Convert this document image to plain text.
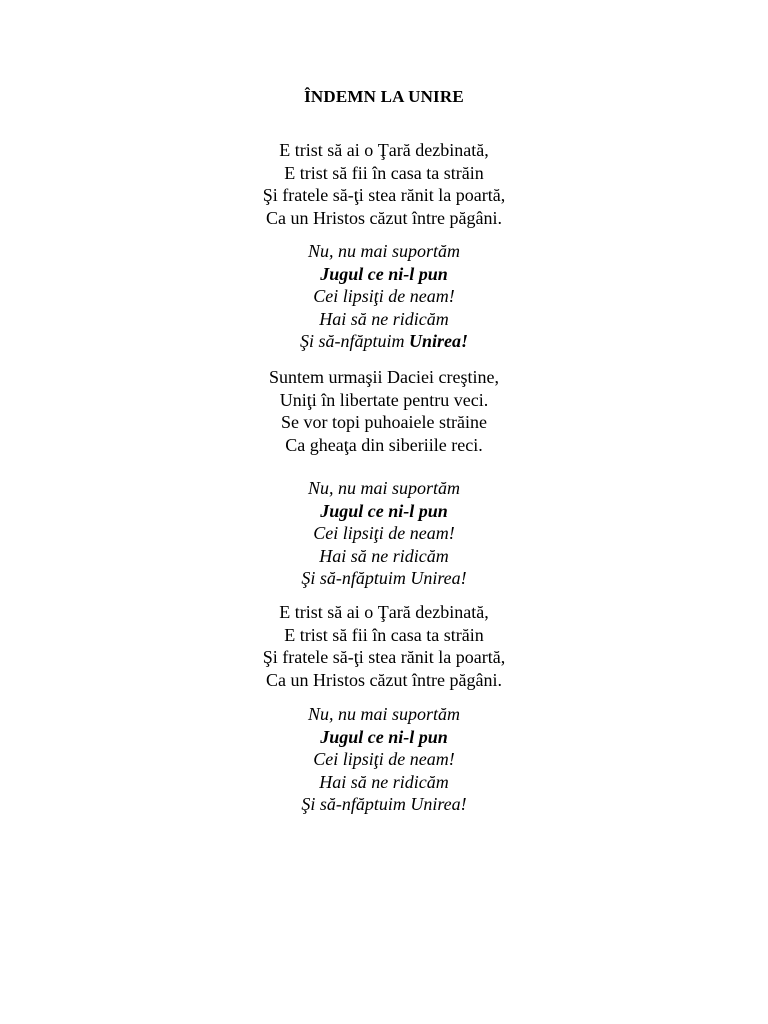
ÎNDEMN LA UNIRE
E trist să ai o Ţară dezbinată,
E trist să fii în casa ta străin
Şi fratele să-ţi stea rănit la poartă,
Ca un Hristos căzut între păgâni.
Nu, nu mai suportăm
Jugul ce ni-l pun
Cei lipsiţi de neam!
Hai să ne ridicăm
Şi să-nfăptuim Unirea!
Suntem urmaşii Daciei creştine,
Uniţi în libertate pentru veci.
Se vor topi puhoaiele străine
Ca gheaţa din siberiile reci.
Nu, nu mai suportăm
Jugul ce ni-l pun
Cei lipsiţi de neam!
Hai să ne ridicăm
Şi să-nfăptuim Unirea!
E trist să ai o Ţară dezbinată,
E trist să fii în casa ta străin
Şi fratele să-ţi stea rănit la poartă,
Ca un Hristos căzut între păgâni.
Nu, nu mai suportăm
Jugul ce ni-l pun
Cei lipsiţi de neam!
Hai să ne ridicăm
Şi să-nfăptuim Unirea!
